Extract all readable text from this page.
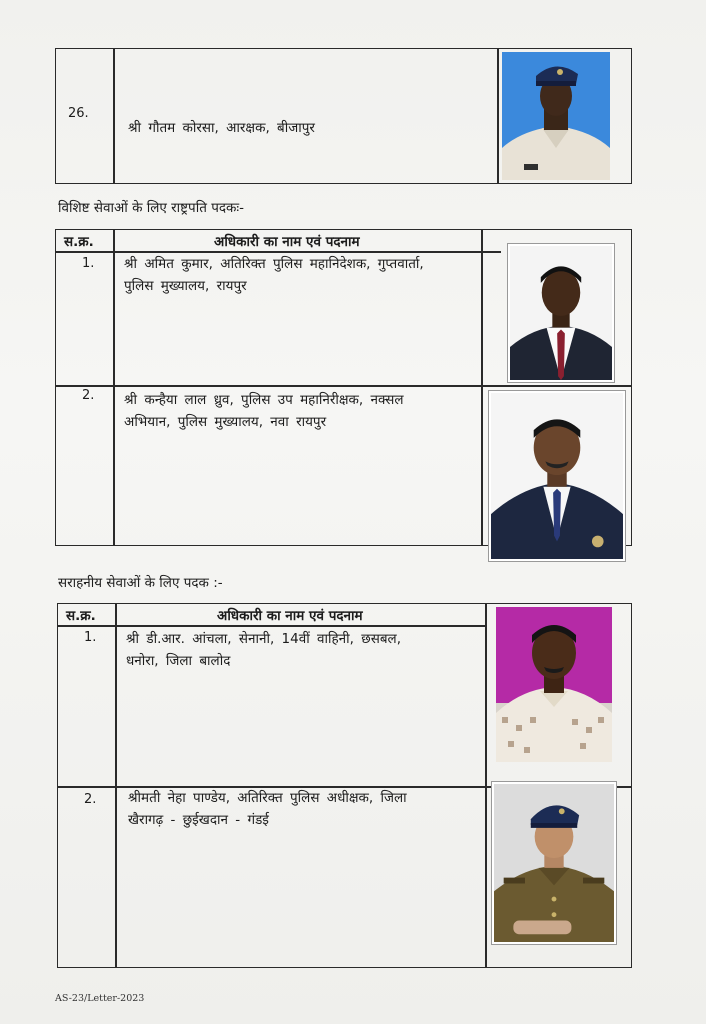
26.
श्री गौतम कोरसा, आरक्षक, बीजापुर
विशिष्ट सेवाओं के लिए राष्ट्रपति पदकः-
स.क्र.	अधिकारी का नाम एवं पदनाम
1. श्री अमित कुमार, अतिरिक्त पुलिस महानिदेशक, गुप्तवार्ता,
पुलिस मुख्यालय, रायपुर
2. श्री कन्हैया लाल ध्रुव, पुलिस उप महानिरीक्षक, नक्सल
अभियान, पुलिस मुख्यालय, नवा रायपुर
सराहनीय सेवाओं के लिए पदक :-
स.क्र.	अधिकारी का नाम एवं पदनाम
1. श्री डी.आर. आंचला, सेनानी, 14वीं वाहिनी, छसबल,
धनोरा, जिला बालोद
2. श्रीमती नेहा पाण्डेय, अतिरिक्त पुलिस अधीक्षक, जिला
खैरागढ़ - छुईखदान - गंडई
AS-23/Letter-2023
